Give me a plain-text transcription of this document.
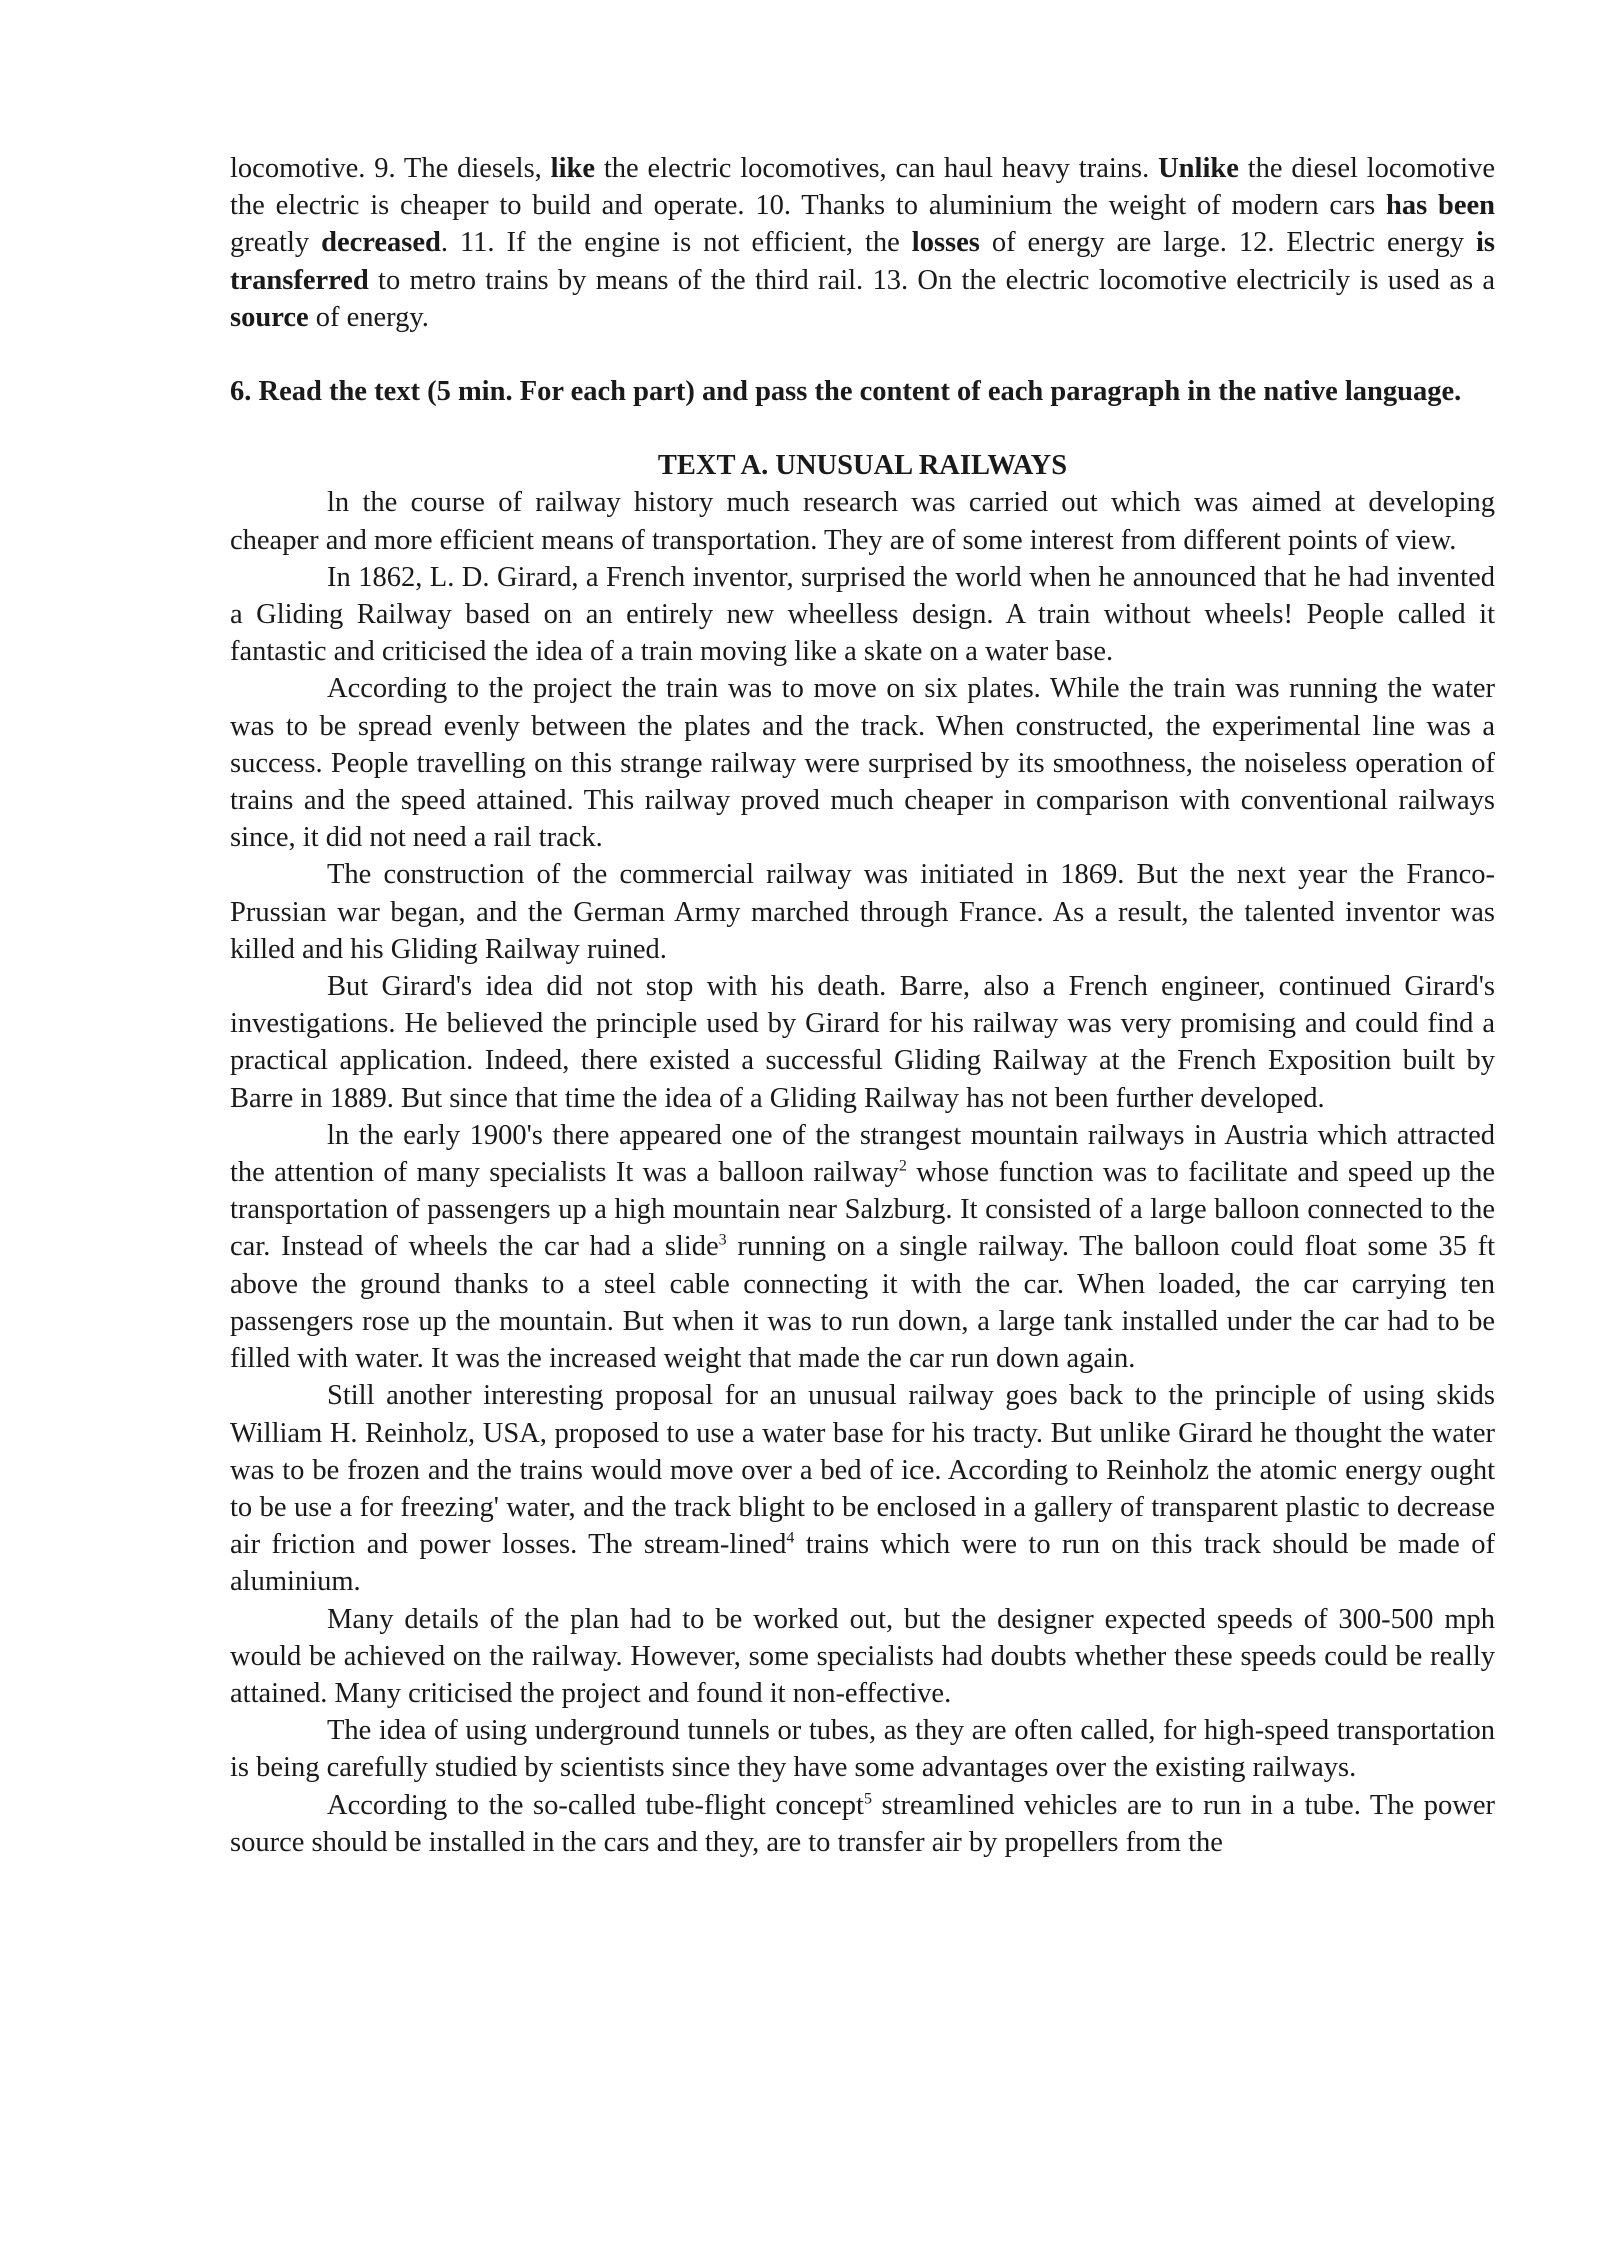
locomotive. 9. The diesels, like the electric locomotives, can haul heavy trains. Unlike the diesel locomotive the electric is cheaper to build and operate. 10. Thanks to aluminium the weight of modern cars has been greatly decreased. 11. If the engine is not efficient, the losses of energy are large. 12. Electric energy is transferred to metro trains by means of the third rail. 13. On the electric locomotive electricily is used as a source of energy.

6. Read the text (5 min. For each part) and pass the content of each paragraph in the native language.

TEXT A. UNUSUAL RAILWAYS

ln the course of railway history much research was carried out which was aimed at developing cheaper and more efficient means of transportation. They are of some interest from different points of view.

In 1862, L. D. Girard, a French inventor, surprised the world when he announced that he had invented a Gliding Railway based on an entirely new wheelless design. A train without wheels! People called it fantastic and criticised the idea of a train moving like a skate on a water base.

According to the project the train was to move on six plates. While the train was running the water was to be spread evenly between the plates and the track. When constructed, the experimental line was a success. People travelling on this strange railway were surprised by its smoothness, the noiseless operation of trains and the speed attained. This railway proved much cheaper in comparison with conventional railways since, it did not need a rail track.

The construction of the commercial railway was initiated in 1869. But the next year the Franco-Prussian war began, and the German Army marched through France. As a result, the talented inventor was killed and his Gliding Railway ruined.

But Girard's idea did not stop with his death. Barre, also a French engineer, continued Girard's investigations. He believed the principle used by Girard for his railway was very promising and could find a practical application. Indeed, there existed a successful Gliding Railway at the French Exposition built by Barre in 1889. But since that time the idea of a Gliding Railway has not been further developed.

ln the early 1900's there appeared one of the strangest mountain railways in Austria which attracted the attention of many specialists It was a balloon railway$^2$ whose function was to facilitate and speed up the transportation of passengers up a high mountain near Salzburg. It consisted of a large balloon connected to the car. Instead of wheels the car had a slide$^3$ running on a single railway. The balloon could float some 35 ft above the ground thanks to a steel cable connecting it with the car. When loaded, the car carrying ten passengers rose up the mountain. But when it was to run down, a large tank installed under the car had to be filled with water. It was the increased weight that made the car run down again.

Still another interesting proposal for an unusual railway goes back to the principle of using skids William H. Reinholz, USA, proposed to use a water base for his tracty. But unlike Girard he thought the water was to be frozen and the trains would move over a bed of ice. According to Reinholz the atomic energy ought to be use a for freezing' water, and the track blight to be enclosed in a gallery of transparent plastic to decrease air friction and power losses. The stream-lined$^4$ trains which were to run on this track should be made of aluminium.

Many details of the plan had to be worked out, but the designer expected speeds of 300-500 mph would be achieved on the railway. However, some specialists had doubts whether these speeds could be really attained. Many criticised the project and found it non-effective.

The idea of using underground tunnels or tubes, as they are often called, for high-speed transportation is being carefully studied by scientists since they have some advantages over the existing railways.

According to the so-called tube-flight concept$^5$ streamlined vehicles are to run in a tube. The power source should be installed in the cars and they, are to transfer air by propellers from the
